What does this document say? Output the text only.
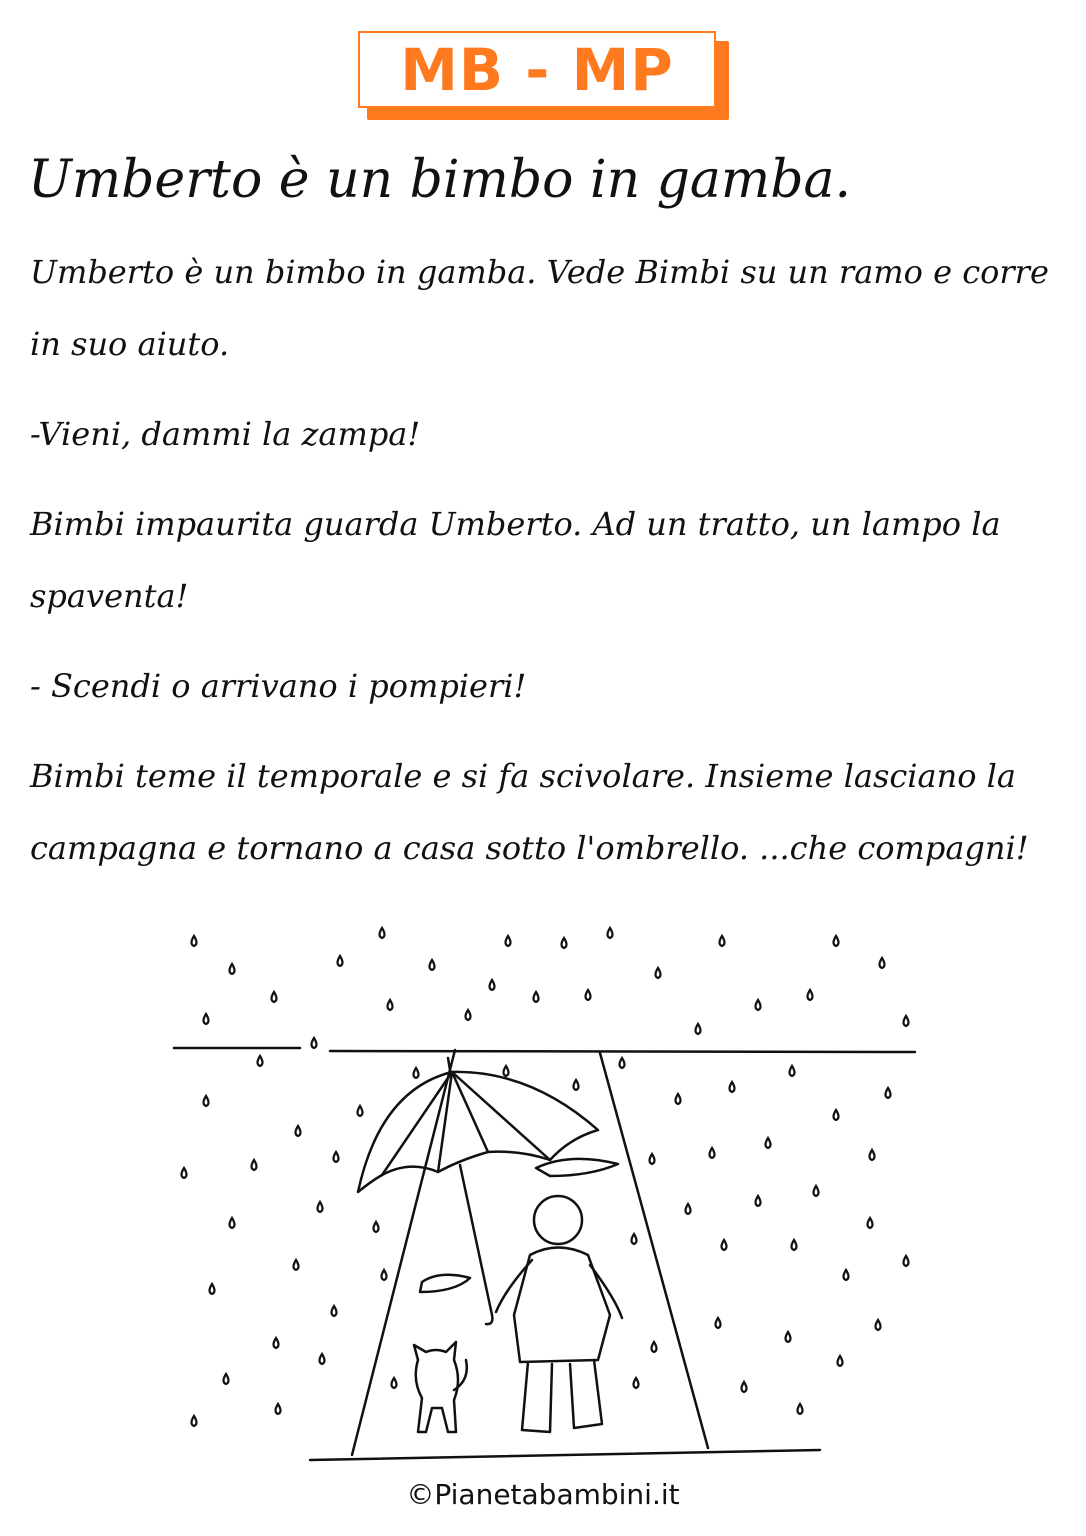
MB - MP
Umberto è un bimbo in gamba.

Umberto è un bimbo in gamba. Vede Bimbi su un ramo e corre in suo aiuto.

-Vieni, dammi la zampa!

Bimbi impaurita guarda Umberto. Ad un tratto, un lampo la spaventa!

- Scendi o arrivano i pompieri!

Bimbi teme il temporale e si fa scivolare. Insieme lasciano la campagna e tornano a casa sotto l'ombrello. ...che compagni!

©Pianetabambini.it
